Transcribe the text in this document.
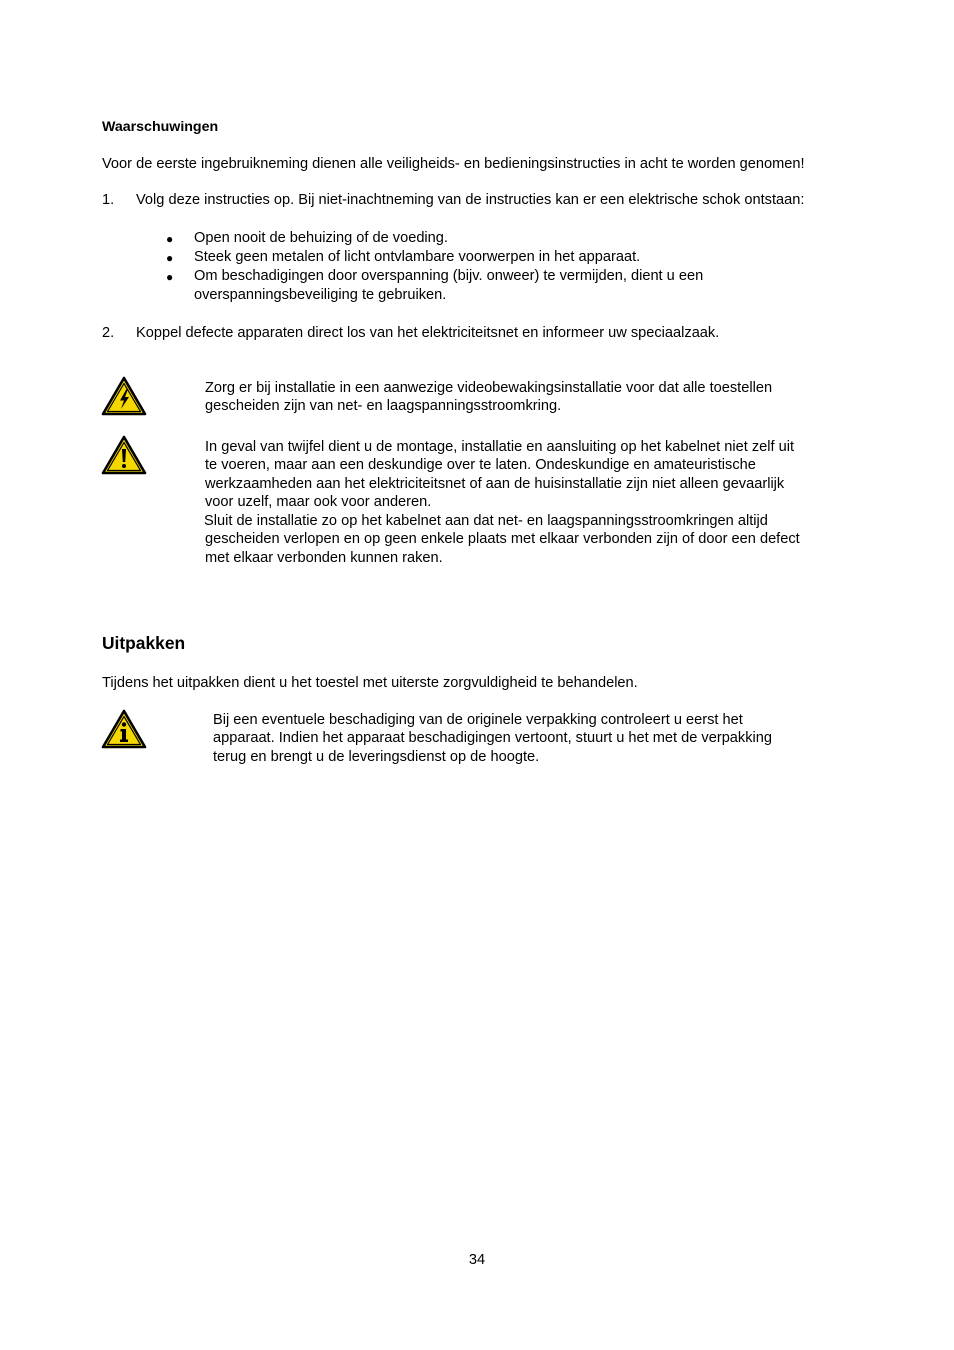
Waarschuwingen
Voor de eerste ingebruikneming dienen alle veiligheids- en bedieningsinstructies in acht te worden genomen!
1.	Volg deze instructies op. Bij niet-inachtneming van de instructies kan er een elektrische schok ontstaan:
●	Open nooit de behuizing of de voeding.
●	Steek geen metalen of licht ontvlambare voorwerpen in het apparaat.
●	Om beschadigingen door overspanning (bijv. onweer) te vermijden, dient u een
overspanningsbeveiliging te gebruiken.
2.	Koppel defecte apparaten direct los van het elektriciteitsnet en informeer uw speciaalzaak.
Zorg er bij installatie in een aanwezige videobewakingsinstallatie voor dat alle toestellen
gescheiden zijn van net- en laagspanningsstroomkring.
In geval van twijfel dient u de montage, installatie en aansluiting op het kabelnet niet zelf uit
te voeren, maar aan een deskundige over te laten. Ondeskundige en amateuristische
werkzaamheden aan het elektriciteitsnet of aan de huisinstallatie zijn niet alleen gevaarlijk
voor uzelf, maar ook voor anderen.
Sluit de installatie zo op het kabelnet aan dat net- en laagspanningsstroomkringen altijd
gescheiden verlopen en op geen enkele plaats met elkaar verbonden zijn of door een defect
met elkaar verbonden kunnen raken.
Uitpakken
Tijdens het uitpakken dient u het toestel met uiterste zorgvuldigheid te behandelen.
Bij een eventuele beschadiging van de originele verpakking controleert u eerst het
apparaat. Indien het apparaat beschadigingen vertoont, stuurt u het met de verpakking
terug en brengt u de leveringsdienst op de hoogte.
34
